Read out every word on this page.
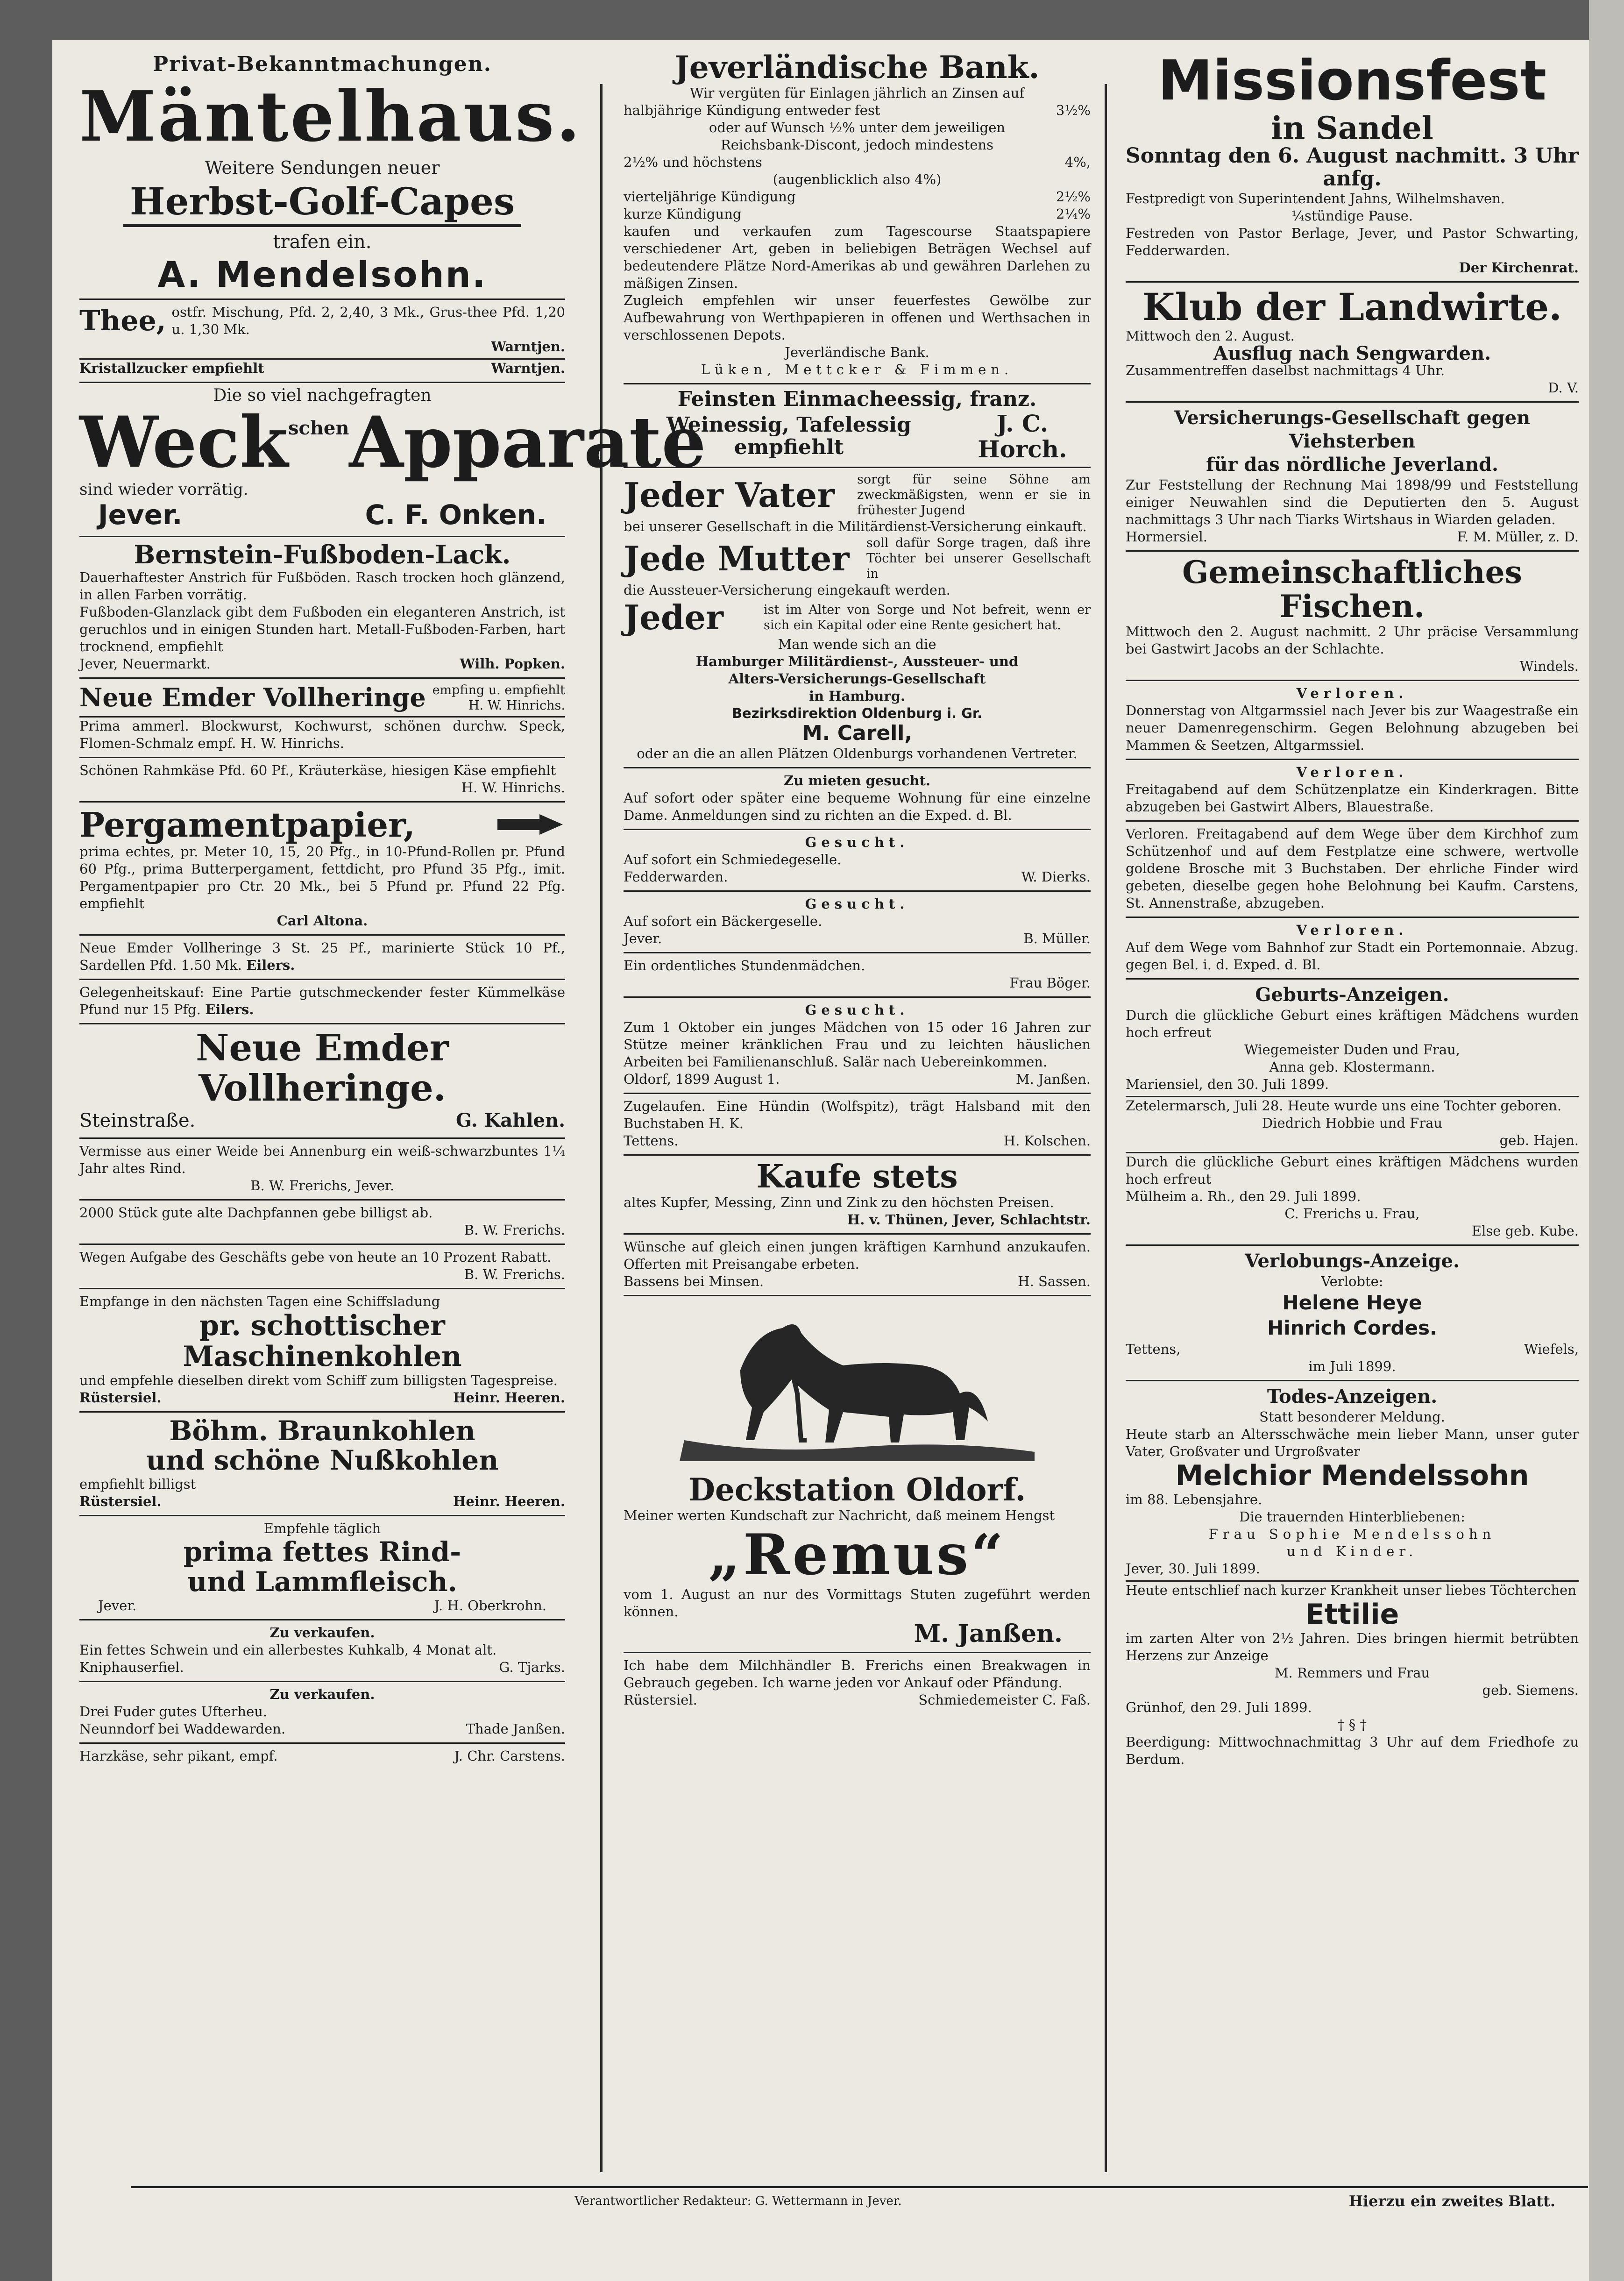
Privat-Bekanntmachungen.

Mäntelhaus.

Weitere Sendungen neuer

Herbst-Golf-Capes

trafen ein.

A. Mendelsohn.
Thee, ostfr. Mischung, Pfd. 2, 2,40, 3 Mk., Grus-thee Pfd. 1,20 u. 1,30 Mk.

Warntjen.

Kristallzucker empfiehlt	Warntjen.

Die so viel nachgefragten

Weck schen Apparate

sind wieder vorrätig.

Jever.	C. F. Onken.
Bernstein-Fußboden-Lack.

Dauerhaftester Anstrich für Fußböden. Rasch trocken hoch glänzend, in allen Farben vorrätig.

Fußboden-Glanzlack gibt dem Fußboden ein eleganteren Anstrich, ist geruchlos und in einigen Stunden hart. Metall-Fußboden-Farben, hart trocknend, empfiehlt

Jever, Neuermarkt.	Wilh. Popken.
Neue Emder Vollheringe empfing u. empfiehlt
H. W. Hinrichs.

Prima ammerl. Blockwurst, Kochwurst, schönen durchw. Speck, Flomen-Schmalz empf. H. W. Hinrichs.

Schönen Rahmkäse Pfd. 60 Pf., Kräuterkäse, hiesigen Käse empfiehlt

H. W. Hinrichs.

Pergamentpapier,

prima echtes, pr. Meter 10, 15, 20 Pfg., in 10-Pfund-Rollen pr. Pfund 60 Pfg., prima Butterpergament, fettdicht, pro Pfund 35 Pfg., imit. Pergamentpapier pro Ctr. 20 Mk., bei 5 Pfund pr. Pfund 22 Pfg. empfiehlt

Carl Altona.

Neue Emder Vollheringe 3 St. 25 Pf., marinierte Stück 10 Pf., Sardellen Pfd. 1.50 Mk. Eilers.

Gelegenheitskauf: Eine Partie gutschmeckender fester Kümmelkäse Pfund nur 15 Pfg. Eilers.

Neue Emder Vollheringe.
Steinstraße.	G. Kahlen.

Vermisse aus einer Weide bei Annenburg ein weiß-schwarzbuntes 1¼ Jahr altes Rind.

B. W. Frerichs, Jever.

2000 Stück gute alte Dachpfannen gebe billigst ab.

B. W. Frerichs.

Wegen Aufgabe des Geschäfts gebe von heute an 10 Prozent Rabatt.

B. W. Frerichs.

Empfange in den nächsten Tagen eine Schiffsladung

pr. schottischer Maschinenkohlen

und empfehle dieselben direkt vom Schiff zum billigsten Tagespreise.

Rüstersiel.	Heinr. Heeren.
Böhm. Braunkohlen
und schöne Nußkohlen

empfiehlt billigst

Rüstersiel.	Heinr. Heeren.

Empfehle täglich

prima fettes Rind-
und Lammfleisch.
Jever.	J. H. Oberkrohn.

Zu verkaufen.

Ein fettes Schwein und ein allerbestes Kuhkalb, 4 Monat alt.

Kniphauserfiel.	G. Tjarks.

Zu verkaufen.

Drei Fuder gutes Ufterheu.

Neunndorf bei Waddewarden.	Thade Janßen.
Harzkäse, sehr pikant, empf.	J. Chr. Carstens.
Jeverländische Bank.

Wir vergüten für Einlagen jährlich an Zinsen auf

halbjährige Kündigung entweder fest	3½%

oder auf Wunsch ½% unter dem jeweiligen

Reichsbank-Discont, jedoch mindestens

2½% und höchstens	4%,

(augenblicklich also 4%)

vierteljährige Kündigung	2½%
kurze Kündigung	2¼%

kaufen und verkaufen zum Tagescourse Staatspapiere verschiedener Art, geben in beliebigen Beträgen Wechsel auf bedeutendere Plätze Nord-Amerikas ab und gewähren Darlehen zu mäßigen Zinsen.

Zugleich empfehlen wir unser feuerfestes Gewölbe zur Aufbewahrung von Werthpapieren in offenen und Werthsachen in verschlossenen Depots.

Jeverländische Bank.

Lüken, Mettcker & Fimmen.

Feinsten Einmacheessig, franz.
Weinessig, Tafelessig empfiehlt
J. C. Horch.
Jeder Vater	sorgt für seine Söhne am zweckmäßigsten, wenn er sie in frühester Jugend

bei unserer Gesellschaft in die Militärdienst-Versicherung einkauft.

Jede Mutter	soll dafür Sorge tragen, daß ihre Töchter bei unserer Gesellschaft in

die Aussteuer-Versicherung eingekauft werden.

Jeder	ist im Alter von Sorge und Not befreit, wenn er sich ein Kapital oder eine Rente gesichert hat.

Man wende sich an die

Hamburger Militärdienst-, Aussteuer- und

Alters-Versicherungs-Gesellschaft

in Hamburg.

Bezirksdirektion Oldenburg i. Gr.

M. Carell,

oder an die an allen Plätzen Oldenburgs vorhandenen Vertreter.

Zu mieten gesucht.

Auf sofort oder später eine bequeme Wohnung für eine einzelne Dame. Anmeldungen sind zu richten an die Exped. d. Bl.

Gesucht.

Auf sofort ein Schmiedegeselle.

Fedderwarden.	W. Dierks.

Gesucht.

Auf sofort ein Bäckergeselle.

Jever.	B. Müller.

Ein ordentliches Stundenmädchen.

Frau Böger.

Gesucht.

Zum 1 Oktober ein junges Mädchen von 15 oder 16 Jahren zur Stütze meiner kränklichen Frau und zu leichten häuslichen Arbeiten bei Familienanschluß. Salär nach Uebereinkommen.

Oldorf, 1899 August 1.	M. Janßen.

Zugelaufen. Eine Hündin (Wolfspitz), trägt Halsband mit den Buchstaben H. K.

Tettens.	H. Kolschen.
Kaufe stets

altes Kupfer, Messing, Zinn und Zink zu den höchsten Preisen.

H. v. Thünen, Jever, Schlachtstr.

Wünsche auf gleich einen jungen kräftigen Karnhund anzukaufen. Offerten mit Preisangabe erbeten.

Bassens bei Minsen.	H. Sassen.
Deckstation Oldorf.

Meiner werten Kundschaft zur Nachricht, daß meinem Hengst

„Remus“

vom 1. August an nur des Vormittags Stuten zugeführt werden können.

M. Janßen.

Ich habe dem Milchhändler B. Frerichs einen Breakwagen in Gebrauch gegeben. Ich warne jeden vor Ankauf oder Pfändung.

Rüstersiel.	Schmiedemeister C. Faß.
Missionsfest
in Sandel
Sonntag den 6. August nachmitt. 3 Uhr anfg.

Festpredigt von Superintendent Jahns, Wilhelmshaven.

¼stündige Pause.

Festreden von Pastor Berlage, Jever, und Pastor Schwarting, Fedderwarden.

Der Kirchenrat.

Klub der Landwirte.

Mittwoch den 2. August.

Ausflug nach Sengwarden.

Zusammentreffen daselbst nachmittags 4 Uhr.

D. V.

Versicherungs-Gesellschaft gegen Viehsterben

für das nördliche Jeverland.

Zur Feststellung der Rechnung Mai 1898/99 und Feststellung einiger Neuwahlen sind die Deputierten den 5. August nachmittags 3 Uhr nach Tiarks Wirtshaus in Wiarden geladen.

Hormersiel.	F. M. Müller, z. D.
Gemeinschaftliches Fischen.

Mittwoch den 2. August nachmitt. 2 Uhr präcise Versammlung bei Gastwirt Jacobs an der Schlachte.

Windels.

Verloren.

Donnerstag von Altgarmssiel nach Jever bis zur Waagestraße ein neuer Damenregenschirm. Gegen Belohnung abzugeben bei Mammen & Seetzen, Altgarmssiel.

Verloren.

Freitagabend auf dem Schützenplatze ein Kinderkragen. Bitte abzugeben bei Gastwirt Albers, Blauestraße.

Verloren. Freitagabend auf dem Wege über dem Kirchhof zum Schützenhof und auf dem Festplatze eine schwere, wertvolle goldene Brosche mit 3 Buchstaben. Der ehrliche Finder wird gebeten, dieselbe gegen hohe Belohnung bei Kaufm. Carstens, St. Annenstraße, abzugeben.

Verloren.

Auf dem Wege vom Bahnhof zur Stadt ein Portemonnaie. Abzug. gegen Bel. i. d. Exped. d. Bl.

Geburts-Anzeigen.

Durch die glückliche Geburt eines kräftigen Mädchens wurden hoch erfreut

Wiegemeister Duden und Frau,

Anna geb. Klostermann.

Mariensiel, den 30. Juli 1899.

Zetelermarsch, Juli 28. Heute wurde uns eine Tochter geboren.

Diedrich Hobbie und Frau

geb. Hajen.

Durch die glückliche Geburt eines kräftigen Mädchens wurden hoch erfreut

Mülheim a. Rh., den 29. Juli 1899.

C. Frerichs u. Frau,

Else geb. Kube.

Verlobungs-Anzeige.

Verlobte:

Helene Heye

Hinrich Cordes.

Tettens,	Wiefels,

im Juli 1899.

Todes-Anzeigen.

Statt besonderer Meldung.

Heute starb an Altersschwäche mein lieber Mann, unser guter Vater, Großvater und Urgroßvater

Melchior Mendelssohn

im 88. Lebensjahre.

Die trauernden Hinterbliebenen:

Frau Sophie Mendelssohn

und Kinder.

Jever, 30. Juli 1899.

Heute entschlief nach kurzer Krankheit unser liebes Töchterchen

Ettilie

im zarten Alter von 2½ Jahren. Dies bringen hiermit betrübten Herzens zur Anzeige

M. Remmers und Frau

geb. Siemens.

Grünhof, den 29. Juli 1899.

† § †

Beerdigung: Mittwochnachmittag 3 Uhr auf dem Friedhofe zu Berdum.

Verantwortlicher Redakteur: G. Wettermann in Jever.	Hierzu ein zweites Blatt.
